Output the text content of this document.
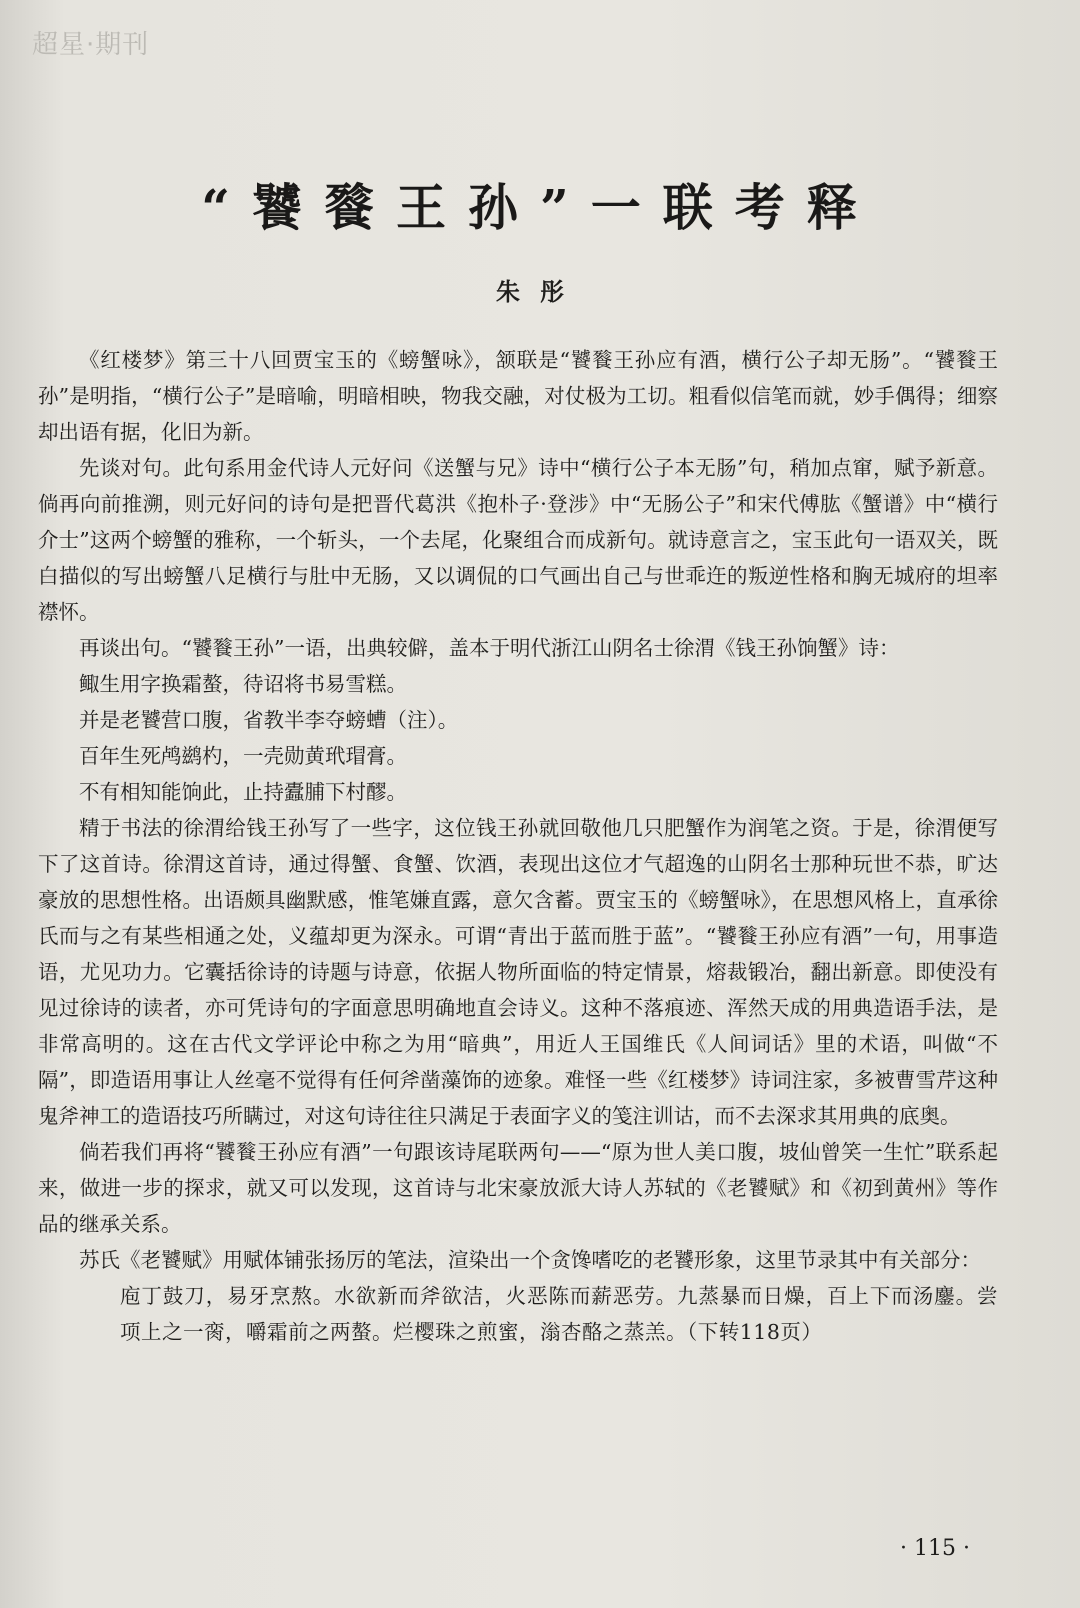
超星·期刊
“饕餮王孙”一联考释
朱彤

《红楼梦》第三十八回贾宝玉的《螃蟹咏》，颔联是“饕餮王孙应有酒，横行公子却无肠”。“饕餮王孙”是明指，“横行公子”是暗喻，明暗相映，物我交融，对仗极为工切。粗看似信笔而就，妙手偶得；细察却出语有据，化旧为新。

先谈对句。此句系用金代诗人元好问《送蟹与兄》诗中“横行公子本无肠”句，稍加点窜，赋予新意。倘再向前推溯，则元好问的诗句是把晋代葛洪《抱朴子·登涉》中“无肠公子”和宋代傅肱《蟹谱》中“横行介士”这两个螃蟹的雅称，一个斩头，一个去尾，化聚组合而成新句。就诗意言之，宝玉此句一语双关，既白描似的写出螃蟹八足横行与肚中无肠，又以调侃的口气画出自己与世乖迕的叛逆性格和胸无城府的坦率襟怀。

再谈出句。“饕餮王孙”一语，出典较僻，盖本于明代浙江山阴名士徐渭《钱王孙饷蟹》诗：

鲰生用字换霜螯，待诏将书易雪糕。

并是老饕营口腹，省教半李夺螃螬（注）。

百年生死鸬鹚杓，一壳勋黄玳瑁膏。

不有相知能饷此，止持蠹脯下村醪。

精于书法的徐渭给钱王孙写了一些字，这位钱王孙就回敬他几只肥蟹作为润笔之资。于是，徐渭便写下了这首诗。徐渭这首诗，通过得蟹、食蟹、饮酒，表现出这位才气超逸的山阴名士那种玩世不恭，旷达豪放的思想性格。出语颇具幽默感，惟笔嫌直露，意欠含蓄。贾宝玉的《螃蟹咏》，在思想风格上，直承徐氏而与之有某些相通之处，义蕴却更为深永。可谓“青出于蓝而胜于蓝”。“饕餮王孙应有酒”一句，用事造语，尤见功力。它囊括徐诗的诗题与诗意，依据人物所面临的特定情景，熔裁锻冶，翻出新意。即使没有见过徐诗的读者，亦可凭诗句的字面意思明确地直会诗义。这种不落痕迹、浑然天成的用典造语手法，是非常高明的。这在古代文学评论中称之为用“暗典”，用近人王国维氏《人间词话》里的术语，叫做“不隔”，即造语用事让人丝毫不觉得有任何斧凿藻饰的迹象。难怪一些《红楼梦》诗词注家，多被曹雪芹这种鬼斧神工的造语技巧所瞒过，对这句诗往往只满足于表面字义的笺注训诂，而不去深求其用典的底奥。

倘若我们再将“饕餮王孙应有酒”一句跟该诗尾联两句——“原为世人美口腹，坡仙曾笑一生忙”联系起来，做进一步的探求，就又可以发现，这首诗与北宋豪放派大诗人苏轼的《老饕赋》和《初到黄州》等作品的继承关系。

苏氏《老饕赋》用赋体铺张扬厉的笔法，渲染出一个贪馋嗜吃的老饕形象，这里节录其中有关部分：

庖丁鼓刀，易牙烹熬。水欲新而斧欲洁，火恶陈而薪恶劳。九蒸暴而日燥，百上下而汤鏖。尝项上之一脔，嚼霜前之两螯。烂樱珠之煎蜜，滃杏酪之蒸羔。（下转118页）

· 115 ·
